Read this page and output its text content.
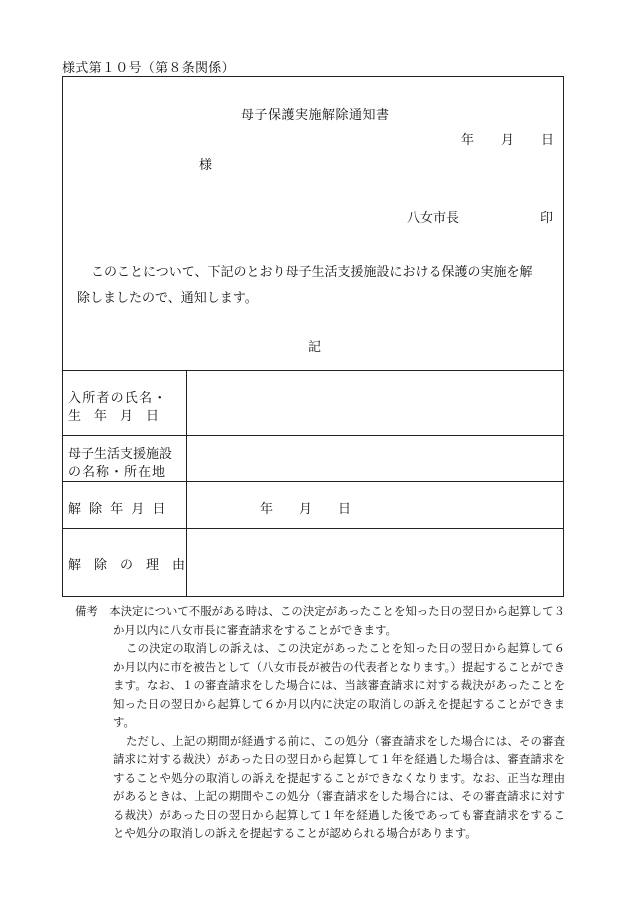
様式第１０号（第８条関係）
母子保護実施解除通知書
年 月 日
様
八女市長	印
このことについて、下記のとおり母子生活支援施設における保護の実施を解
除しましたので、通知します。
記
入所者の氏名・
生　年　月　日
母子生活支援施設
の名称・所在地
解 除 年 月 日	年　　月　　日
解　除　の　理　由

備考　本決定について不服がある時は、この決定があったことを知った日の翌日から起算して３か月以内に八女市長に審査請求をすることができます。

この決定の取消しの訴えは、この決定があったことを知った日の翌日から起算して６か月以内に市を被告として（八女市長が被告の代表者となります。）提起することができます。なお、１の審査請求をした場合には、当該審査請求に対する裁決があったことを知った日の翌日から起算して６か月以内に決定の取消しの訴えを提起することができます。

ただし、上記の期間が経過する前に、この処分（審査請求をした場合には、その審査請求に対する裁決）があった日の翌日から起算して１年を経過した場合は、審査請求をすることや処分の取消しの訴えを提起することができなくなります。なお、正当な理由があるときは、上記の期間やこの処分（審査請求をした場合には、その審査請求に対する裁決）があった日の翌日から起算して１年を経過した後であっても審査請求をすることや処分の取消しの訴えを提起することが認められる場合があります。
